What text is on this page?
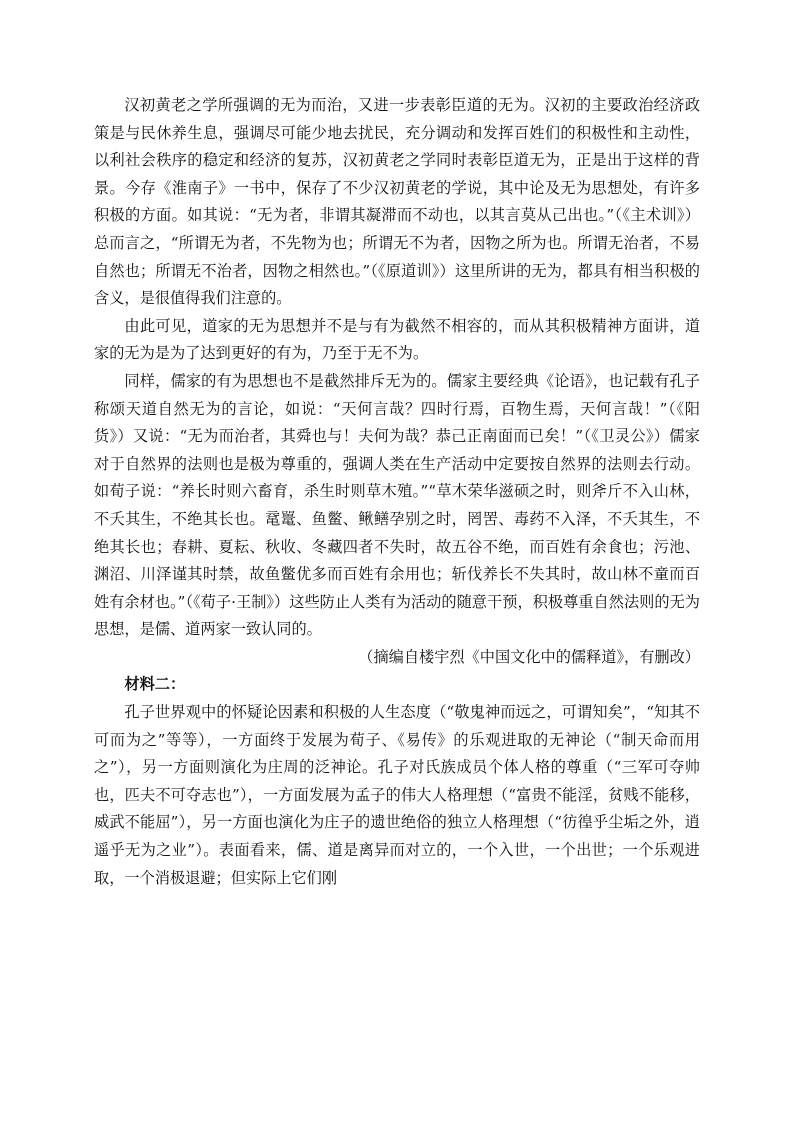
汉初黄老之学所强调的无为而治，又进一步表彰臣道的无为。汉初的主要政治经济政策是与民休养生息，强调尽可能少地去扰民，充分调动和发挥百姓们的积极性和主动性，以利社会秩序的稳定和经济的复苏，汉初黄老之学同时表彰臣道无为，正是出于这样的背景。今存《淮南子》一书中，保存了不少汉初黄老的学说，其中论及无为思想处，有许多积极的方面。如其说：“无为者，非谓其凝滞而不动也，以其言莫从己出也。”（《主术训》）总而言之，“所谓无为者，不先物为也；所谓无不为者，因物之所为也。所谓无治者，不易自然也；所谓无不治者，因物之相然也。”（《原道训》）这里所讲的无为，都具有相当积极的含义，是很值得我们注意的。

由此可见，道家的无为思想并不是与有为截然不相容的，而从其积极精神方面讲，道家的无为是为了达到更好的有为，乃至于无不为。

同样，儒家的有为思想也不是截然排斥无为的。儒家主要经典《论语》，也记载有孔子称颂天道自然无为的言论，如说：“天何言哉？四时行焉，百物生焉，天何言哉！”（《阳货》）又说：“无为而治者，其舜也与！夫何为哉？恭己正南面而已矣！”（《卫灵公》）儒家对于自然界的法则也是极为尊重的，强调人类在生产活动中定要按自然界的法则去行动。如荀子说：“养长时则六畜育，杀生时则草木殖。”“草木荣华滋硕之时，则斧斤不入山林，不夭其生，不绝其长也。鼋鼍、鱼鳖、鳅鳝孕别之时，罔罟、毒药不入泽，不夭其生，不绝其长也；春耕、夏耘、秋收、冬藏四者不失时，故五谷不绝，而百姓有余食也；污池、渊沼、川泽谨其时禁，故鱼鳖优多而百姓有余用也；斩伐养长不失其时，故山林不童而百姓有余材也。”（《荀子·王制》）这些防止人类有为活动的随意干预，积极尊重自然法则的无为思想，是儒、道两家一致认同的。

（摘编自楼宇烈《中国文化中的儒释道》，有删改）

材料二：

孔子世界观中的怀疑论因素和积极的人生态度（“敬鬼神而远之，可谓知矣”，“知其不可而为之”等等），一方面终于发展为荀子、《易传》的乐观进取的无神论（“制天命而用之”），另一方面则演化为庄周的泛神论。孔子对氏族成员个体人格的尊重（“三军可夺帅也，匹夫不可夺志也”），一方面发展为孟子的伟大人格理想（“富贵不能淫，贫贱不能移，威武不能屈”），另一方面也演化为庄子的遗世绝俗的独立人格理想（“彷徨乎尘垢之外，逍遥乎无为之业”）。表面看来，儒、道是离异而对立的，一个入世，一个出世；一个乐观进取，一个消极退避；但实际上它们刚
